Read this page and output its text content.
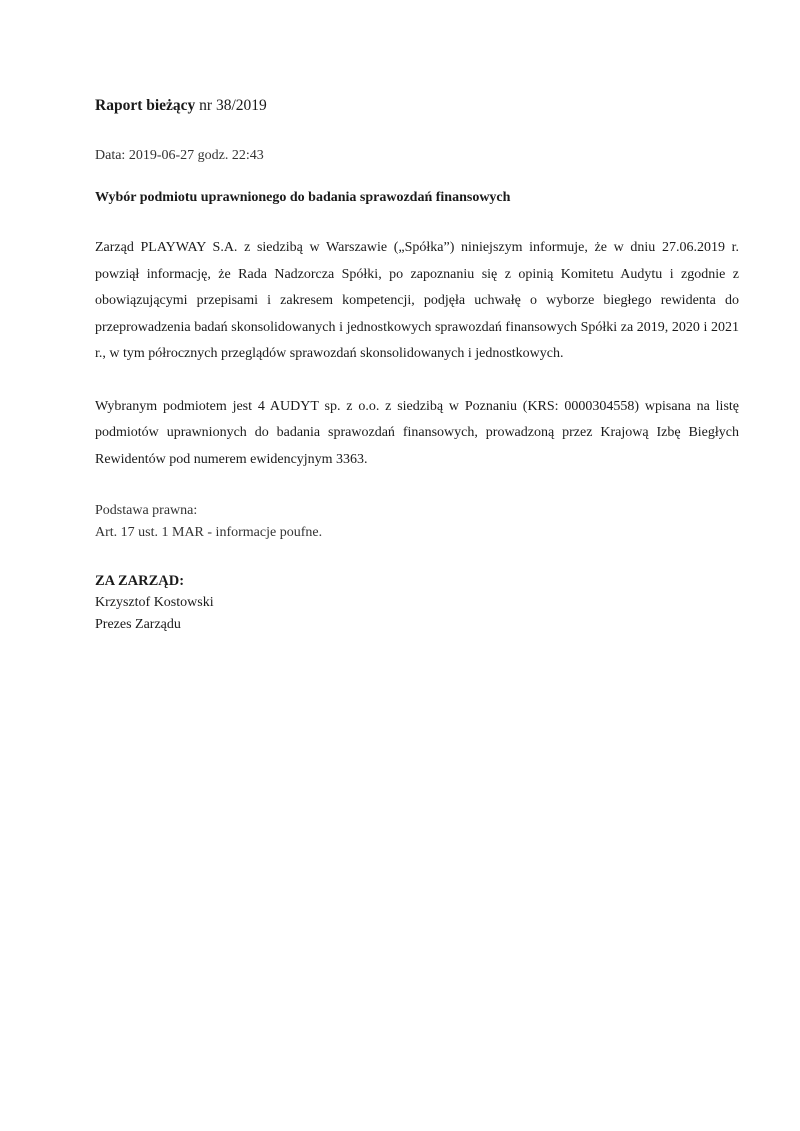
Raport bieżący nr 38/2019

Data: 2019-06-27 godz. 22:43

Wybór podmiotu uprawnionego do badania sprawozdań finansowych

Zarząd PLAYWAY S.A. z siedzibą w Warszawie („Spółka”) niniejszym informuje, że w dniu 27.06.2019 r. powziął informację, że Rada Nadzorcza Spółki, po zapoznaniu się z opinią Komitetu Audytu i zgodnie z obowiązującymi przepisami i zakresem kompetencji, podjęła uchwałę o wyborze biegłego rewidenta do przeprowadzenia badań skonsolidowanych i jednostkowych sprawozdań finansowych Spółki za 2019, 2020 i 2021 r., w tym półrocznych przeglądów sprawozdań skonsolidowanych i jednostkowych.

Wybranym podmiotem jest 4 AUDYT sp. z o.o. z siedzibą w Poznaniu (KRS: 0000304558) wpisana na listę podmiotów uprawnionych do badania sprawozdań finansowych, prowadzoną przez Krajową Izbę Biegłych Rewidentów pod numerem ewidencyjnym 3363.

Podstawa prawna:

Art. 17 ust. 1 MAR - informacje poufne.

ZA ZARZĄD:

Krzysztof Kostowski

Prezes Zarządu
